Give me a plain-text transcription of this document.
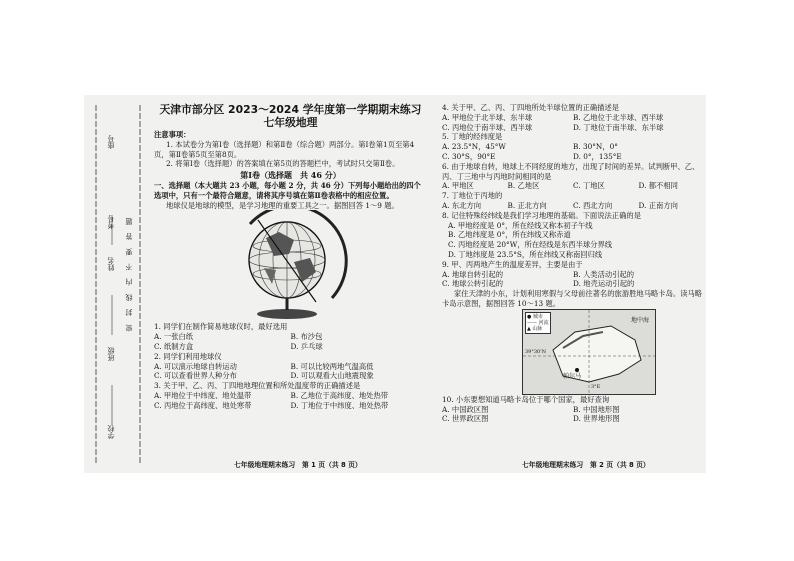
学校
班级
姓名
考号
座号
密 封 线 内 不 要 答 题
天津市部分区 2023～2024 学年度第一学期期末练习
七年级地理

注意事项：

1. 本试卷分为第Ⅰ卷（选择题）和第Ⅱ卷（综合题）两部分。第Ⅰ卷第1页至第4页，第Ⅱ卷第5页至第8页。

2. 将第Ⅰ卷（选择题）的答案填在第5页的答题栏中，考试时只交第Ⅱ卷。

第Ⅰ卷（选择题　共 46 分）

一、选择题（本大题共 23 小题，每小题 2 分，共 46 分）下列每小题给出的四个选项中，只有一个最符合题意，请将其序号填在第Ⅱ卷表格中的相应位置。

地球仪是地球的模型，是学习地理的重要工具之一。据图回答 1～9 题。

1. 同学们在制作简易地球仪时，最好选用

A. 一张白纸	B. 布沙包
C. 纸制方盒	D. 乒乓球

2. 同学们利用地球仪

A. 可以演示地球自转运动	B. 可以比较两地气温高低
C. 可以查看世界人种分布	D. 可以观看大山地震现象

3. 关于甲、乙、丙、丁四地地理位置和所处温度带的正确描述是

A. 甲地位于中纬度、地处温带	B. 乙地位于高纬度、地处热带
C. 丙地位于高纬度、地处寒带	D. 丁地位于中纬度、地处热带
七年级地理期末练习　第 1 页（共 8 页）

4. 关于甲、乙、丙、丁四地所处半球位置的正确描述是

A. 甲地位于北半球、东半球	B. 乙地位于北半球、西半球
C. 丙地位于南半球、西半球	D. 丁地位于南半球、东半球

5. 丁地的经纬度是

A. 23.5°N，45°W	B. 30°N，0°
C. 30°S，90°E	D. 0°，135°E

6. 由于地球自转，地球上不同经度的地方，出现了时间的差异。试判断甲、乙、丙、丁三地中与丙地时间相同的是

A. 甲地区	B. 乙地区	C. 丁地区	D. 都不相同

7. 丁地位于丙地的

A. 东北方向	B. 正北方向	C. 西北方向	D. 正南方向

8. 记住特殊经纬线是我们学习地理的基础。下面说法正确的是

A. 甲地经度是 0°，所在经线又称本初子午线

B. 乙地纬度是 0°，所在纬线又称赤道

C. 丙地经度是 20°W，所在经线是东西半球分界线

D. 丁地纬度是 23.5°S，所在纬线又称南回归线

9. 甲、丙两地产生的温度差异，主要是由于

A. 地球自转引起的	B. 人类活动引起的
C. 地球公转引起的	D. 地壳运动引起的

家住天津的小东，计划利用寒假与父母前往著名的旅游胜地马略卡岛。读马略卡岛示意图，据图回答 10～13 题。

● 城市
—— 河流
▲ 山脉
地中海
帕尔马
3°E
39°30'N

10. 小东要想知道马略卡岛位于哪个国家，最好查询

A. 中国政区图	B. 中国地形图
C. 世界政区图	D. 世界地形图
七年级地理期末练习　第 2 页（共 8 页）
